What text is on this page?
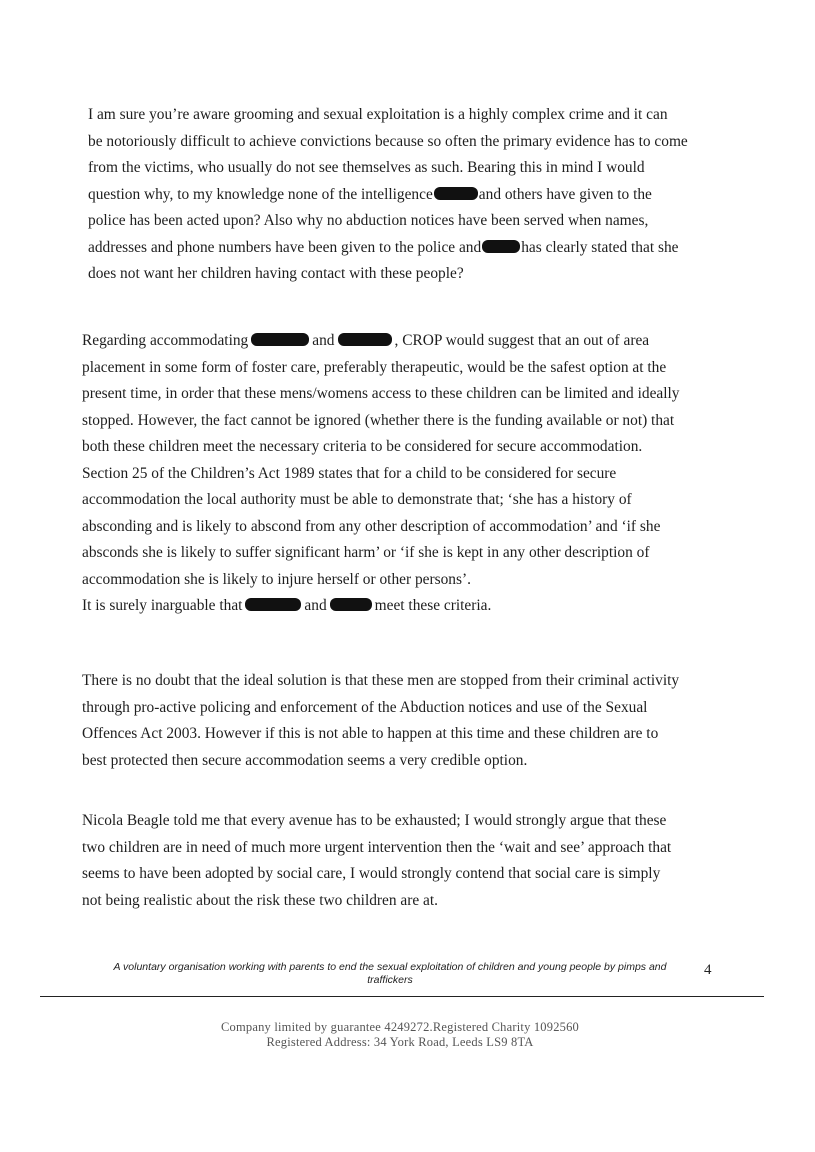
I am sure you’re aware grooming and sexual exploitation is a highly complex crime and it can
be notoriously difficult to achieve convictions because so often the primary evidence has to come
from the victims, who usually do not see themselves as such. Bearing this in mind I would
question why, to my knowledge none of the intelligence	and others have given to the
police has been acted upon? Also why no abduction notices have been served when names,
addresses and phone numbers have been given to the police and	has clearly stated that she
does not want her children having contact with these people?

Regarding accommodating	and	, CROP would suggest that an out of area
placement in some form of foster care, preferably therapeutic, would be the safest option at the
present time, in order that these mens/womens access to these children can be limited and ideally
stopped. However, the fact cannot be ignored (whether there is the funding available or not) that
both these children meet the necessary criteria to be considered for secure accommodation.
Section 25 of the Children’s Act 1989 states that for a child to be considered for secure
accommodation the local authority must be able to demonstrate that; ‘she has a history of
absconding and is likely to abscond from any other description of accommodation’ and ‘if she
absconds she is likely to suffer significant harm’ or ‘if she is kept in any other description of
accommodation she is likely to injure herself or other persons’.
It is surely inarguable that	and	meet these criteria.

There is no doubt that the ideal solution is that these men are stopped from their criminal activity
through pro-active policing and enforcement of the Abduction notices and use of the Sexual
Offences Act 2003. However if this is not able to happen at this time and these children are to
best protected then secure accommodation seems a very credible option.

Nicola Beagle told me that every avenue has to be exhausted; I would strongly argue that these
two children are in need of much more urgent intervention then the ‘wait and see’ approach that
seems to have been adopted by social care, I would strongly contend that social care is simply
not being realistic about the risk these two children are at.

A voluntary organisation working with parents to end the sexual exploitation of children and young people by pimps and
traffickers
4
Company limited by guarantee 4249272.Registered Charity 1092560
Registered Address: 34 York Road, Leeds LS9 8TA
